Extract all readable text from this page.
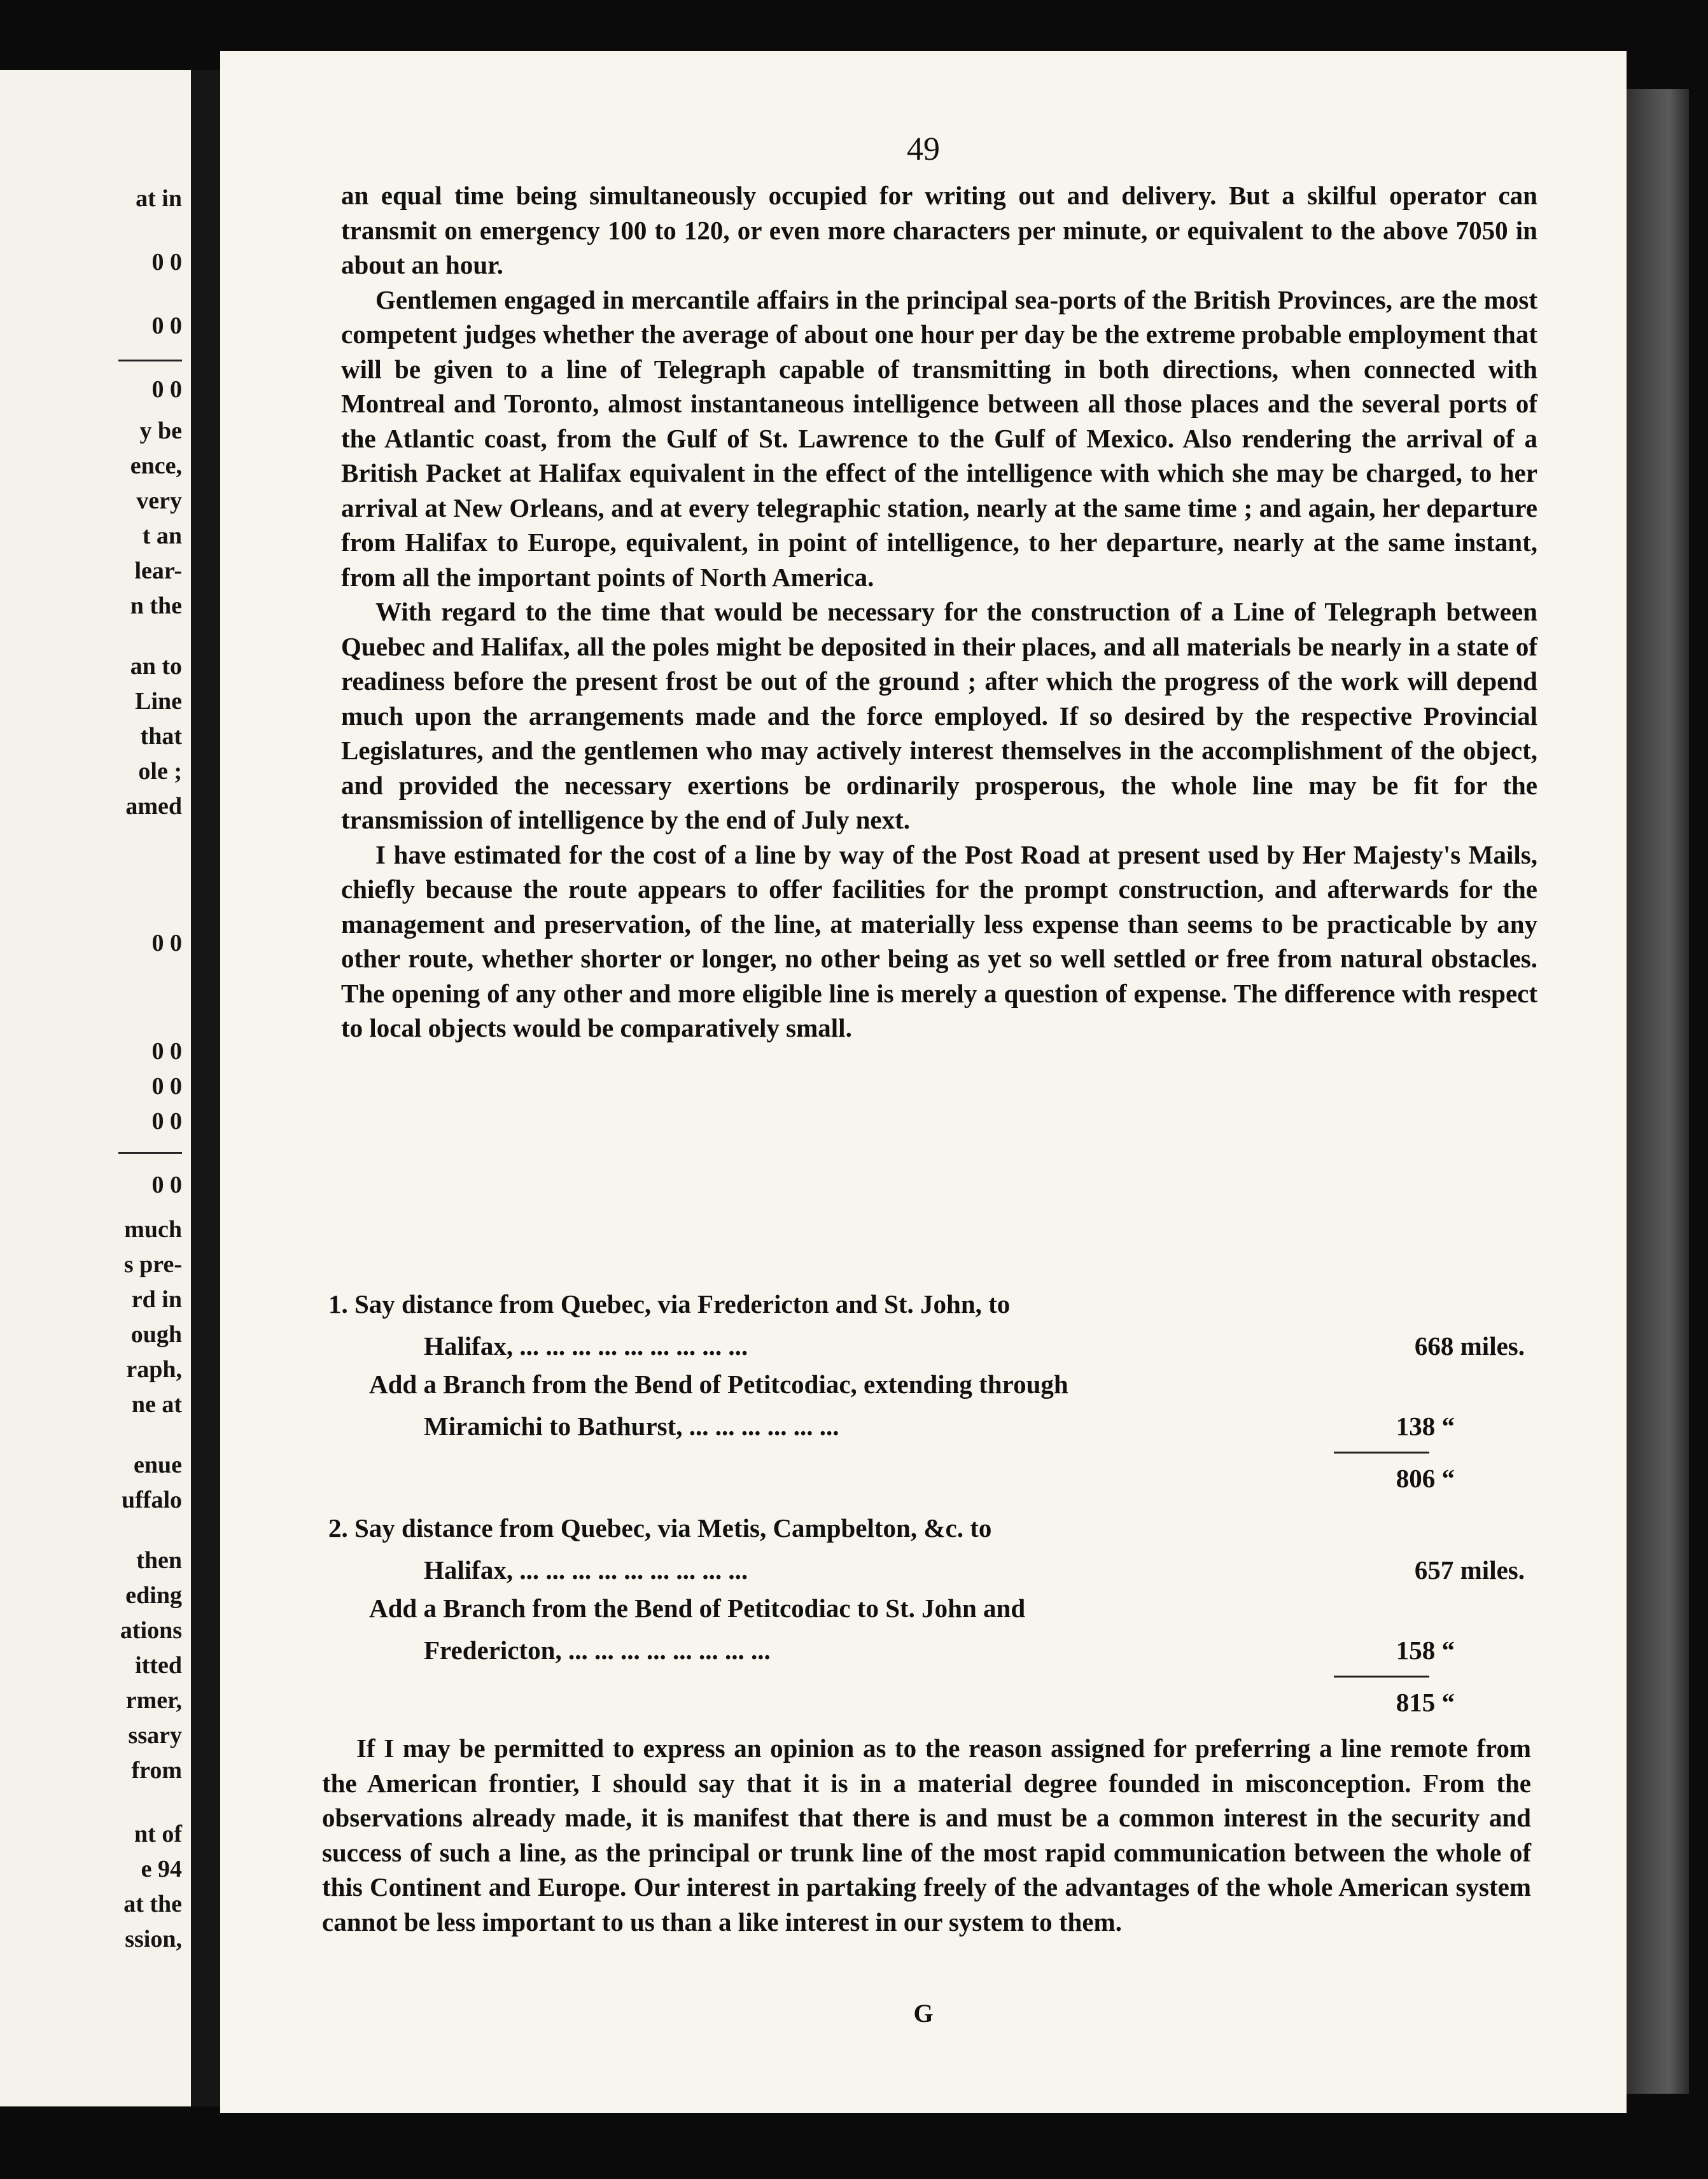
at in
0 0
0 0
0 0
y be
ence,
very
t an
lear-
n the
an to
Line
that
ole ;
amed
0 0
0 0
0 0
0 0
0 0
much
s pre-
rd in
ough
raph,
ne at
enue
uffalo
then
eding
ations
itted
rmer,
ssary
from
nt of
e 94
at the
ssion,
49

an equal time being simultaneously occupied for writing out and delivery. But a skilful operator can transmit on emergency 100 to 120, or even more characters per minute, or equivalent to the above 7050 in about an hour.

Gentlemen engaged in mercantile affairs in the principal sea-ports of the British Provinces, are the most competent judges whether the average of about one hour per day be the extreme probable employment that will be given to a line of Telegraph capable of transmitting in both directions, when connected with Montreal and Toronto, almost instantaneous intelligence between all those places and the several ports of the Atlantic coast, from the Gulf of St. Lawrence to the Gulf of Mexico. Also rendering the arrival of a British Packet at Halifax equivalent in the effect of the intelligence with which she may be charged, to her arrival at New Orleans, and at every telegraphic station, nearly at the same time ; and again, her departure from Halifax to Europe, equivalent, in point of intelligence, to her departure, nearly at the same instant, from all the important points of North America.

With regard to the time that would be necessary for the construction of a Line of Telegraph between Quebec and Halifax, all the poles might be deposited in their places, and all materials be nearly in a state of readiness before the present frost be out of the ground ; after which the progress of the work will depend much upon the arrangements made and the force employed. If so desired by the respective Provincial Legislatures, and the gentlemen who may actively interest themselves in the accomplishment of the object, and provided the necessary exertions be ordinarily prosperous, the whole line may be fit for the transmission of intelligence by the end of July next.

I have estimated for the cost of a line by way of the Post Road at present used by Her Majesty's Mails, chiefly because the route appears to offer facilities for the prompt construction, and afterwards for the management and preservation, of the line, at materially less expense than seems to be practicable by any other route, whether shorter or longer, no other being as yet so well settled or free from natural obstacles. The opening of any other and more eligible line is merely a question of expense. The difference with respect to local objects would be comparatively small.

1. Say distance from Quebec, via Fredericton and St. John, to
Halifax, ... ... ... ... ... ... ... ... ...	668 miles.
Add a Branch from the Bend of Petitcodiac, extending through
Miramichi to Bathurst, ... ... ... ... ... ...	138 “
806 “
2. Say distance from Quebec, via Metis, Campbelton, &c. to
Halifax, ... ... ... ... ... ... ... ... ...	657 miles.
Add a Branch from the Bend of Petitcodiac to St. John and
Fredericton, ... ... ... ... ... ... ... ...	158 “
815 “

If I may be permitted to express an opinion as to the reason assigned for preferring a line remote from the American frontier, I should say that it is in a material degree founded in misconception. From the observations already made, it is manifest that there is and must be a common interest in the security and success of such a line, as the principal or trunk line of the most rapid communication between the whole of this Continent and Europe. Our interest in partaking freely of the advantages of the whole American system cannot be less important to us than a like interest in our system to them.

G
